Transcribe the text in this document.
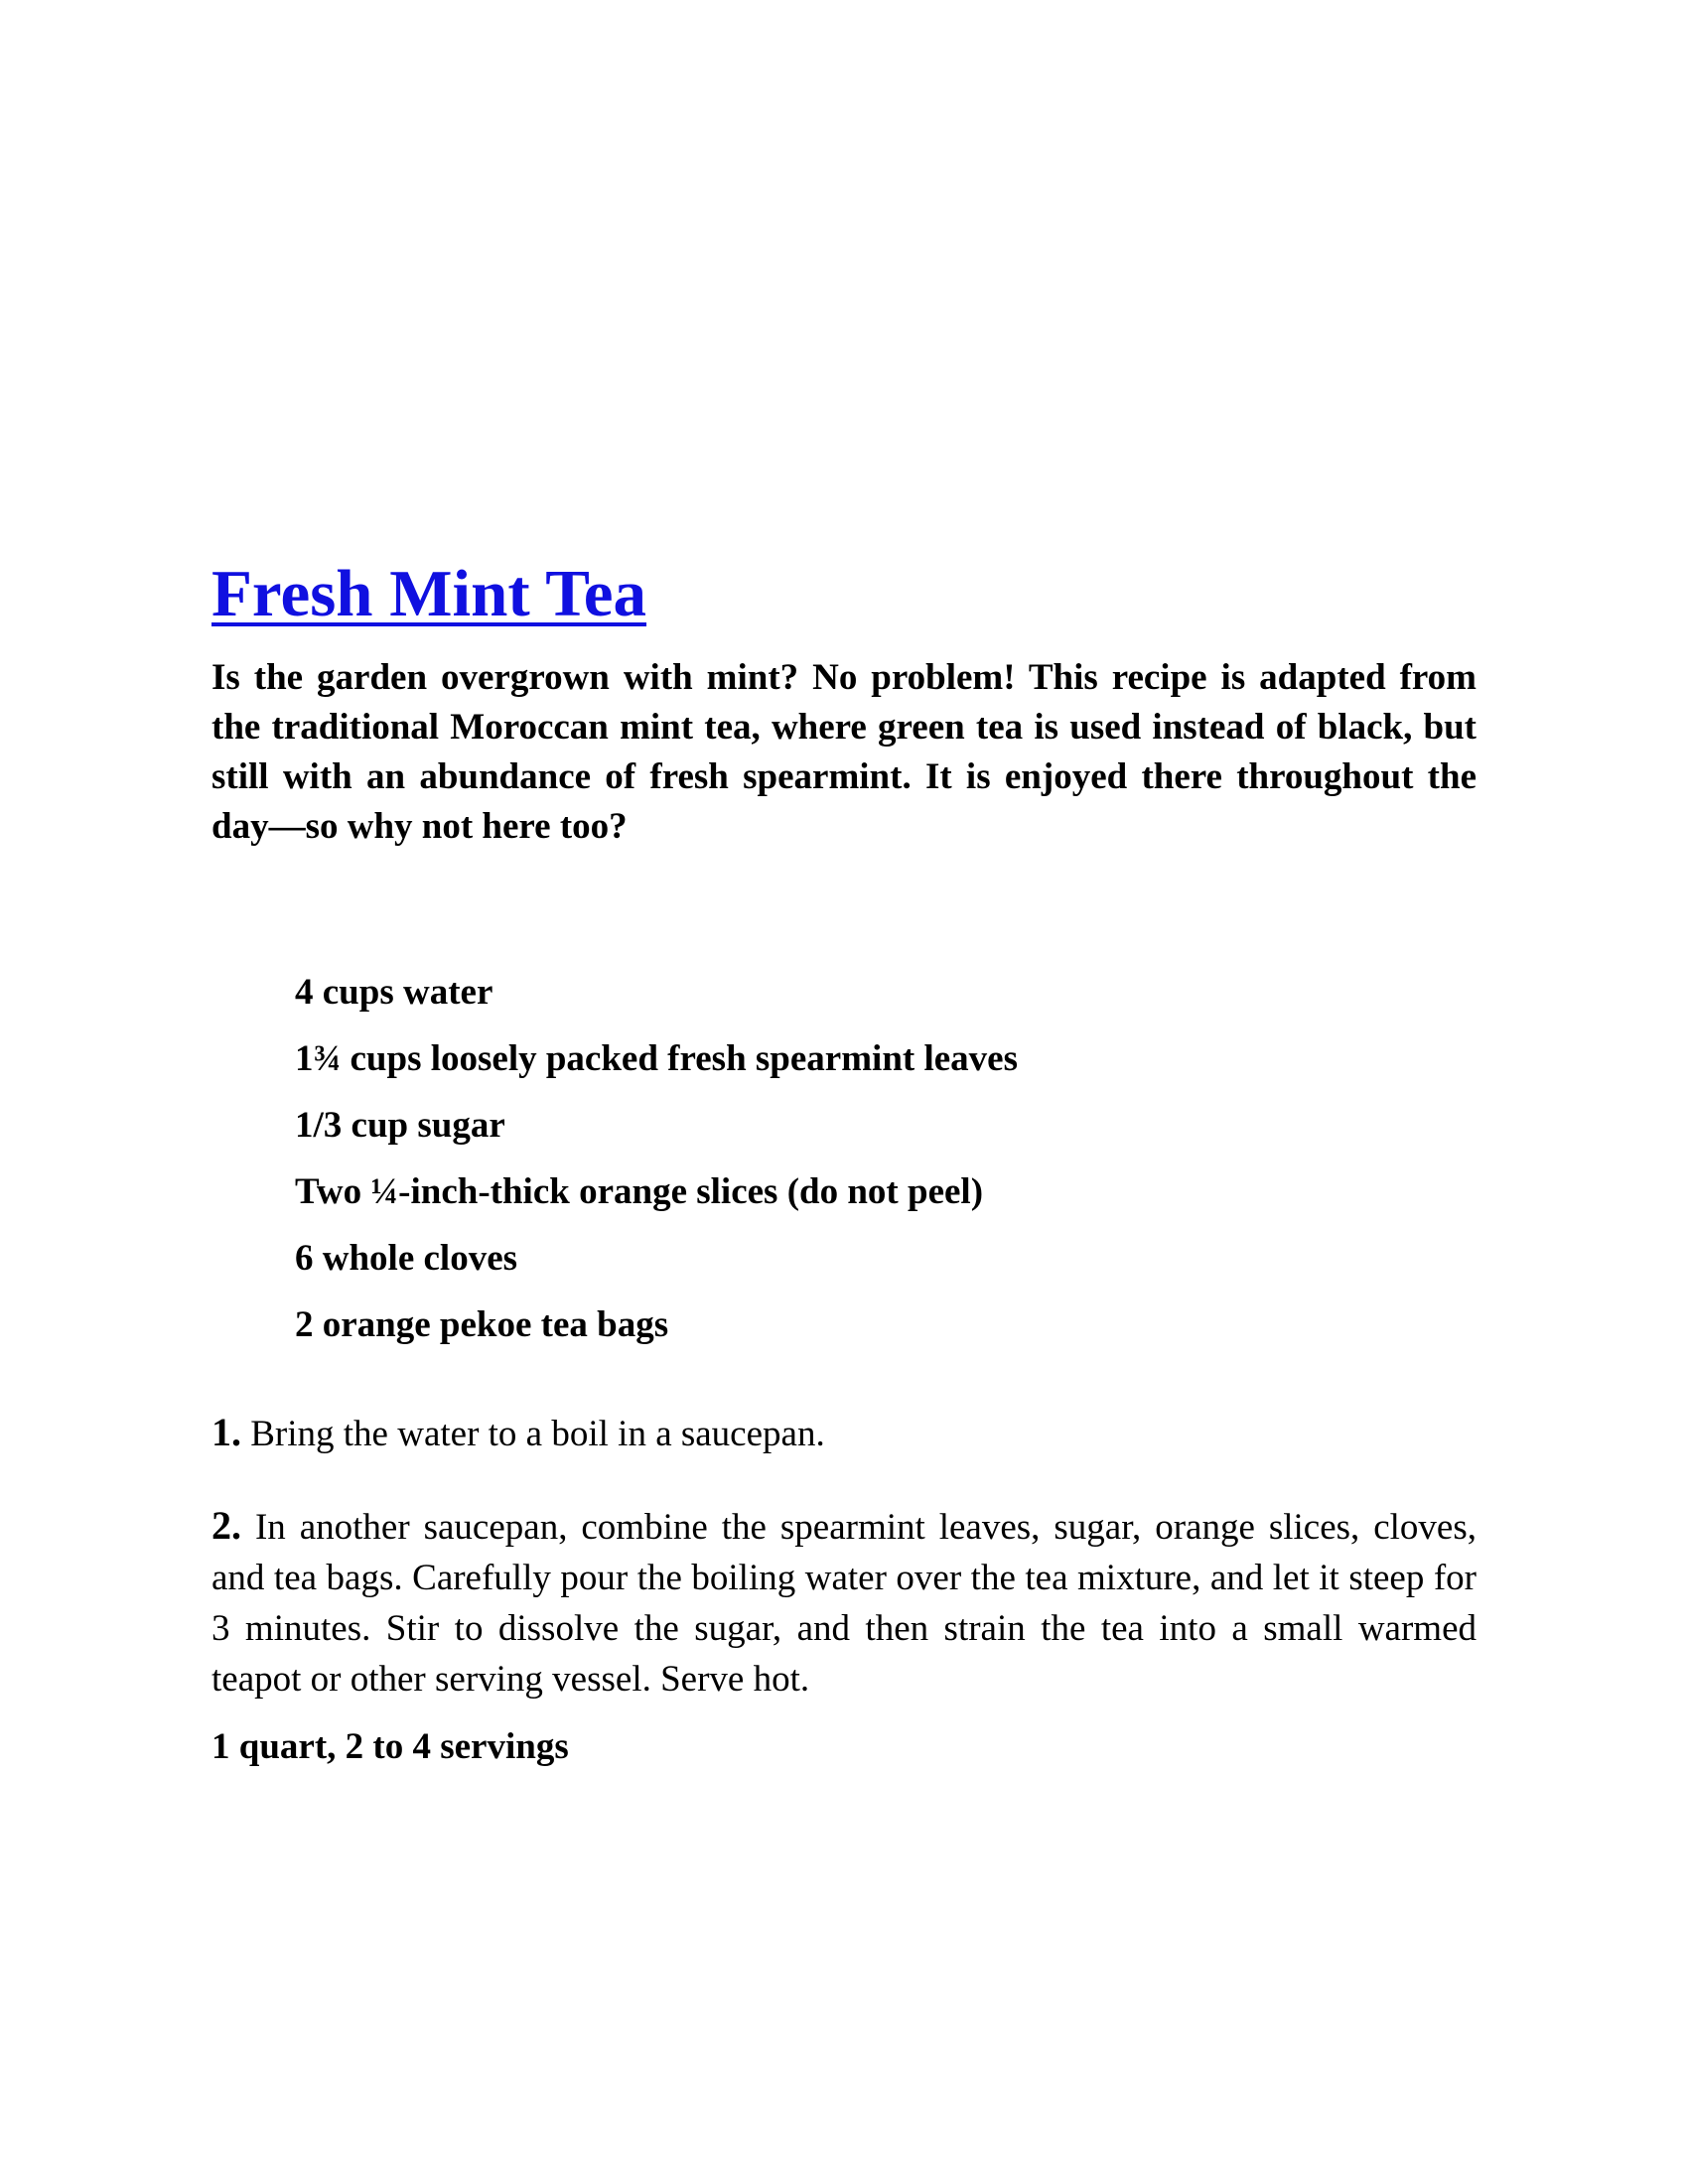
Fresh Mint Tea

Is the garden overgrown with mint? No problem! This recipe is adapted from the traditional Moroccan mint tea, where green tea is used instead of black, but still with an abundance of fresh spearmint. It is enjoyed there throughout the day—so why not here too?

4 cups water
1¾ cups loosely packed fresh spearmint leaves
1/3 cup sugar
Two ¼-inch-thick orange slices (do not peel)
6 whole cloves
2 orange pekoe tea bags

1. Bring the water to a boil in a saucepan.

2. In another saucepan, combine the spearmint leaves, sugar, orange slices, cloves, and tea bags. Carefully pour the boiling water over the tea mixture, and let it steep for 3 minutes. Stir to dissolve the sugar, and then strain the tea into a small warmed teapot or other serving vessel. Serve hot.

1 quart, 2 to 4 servings
